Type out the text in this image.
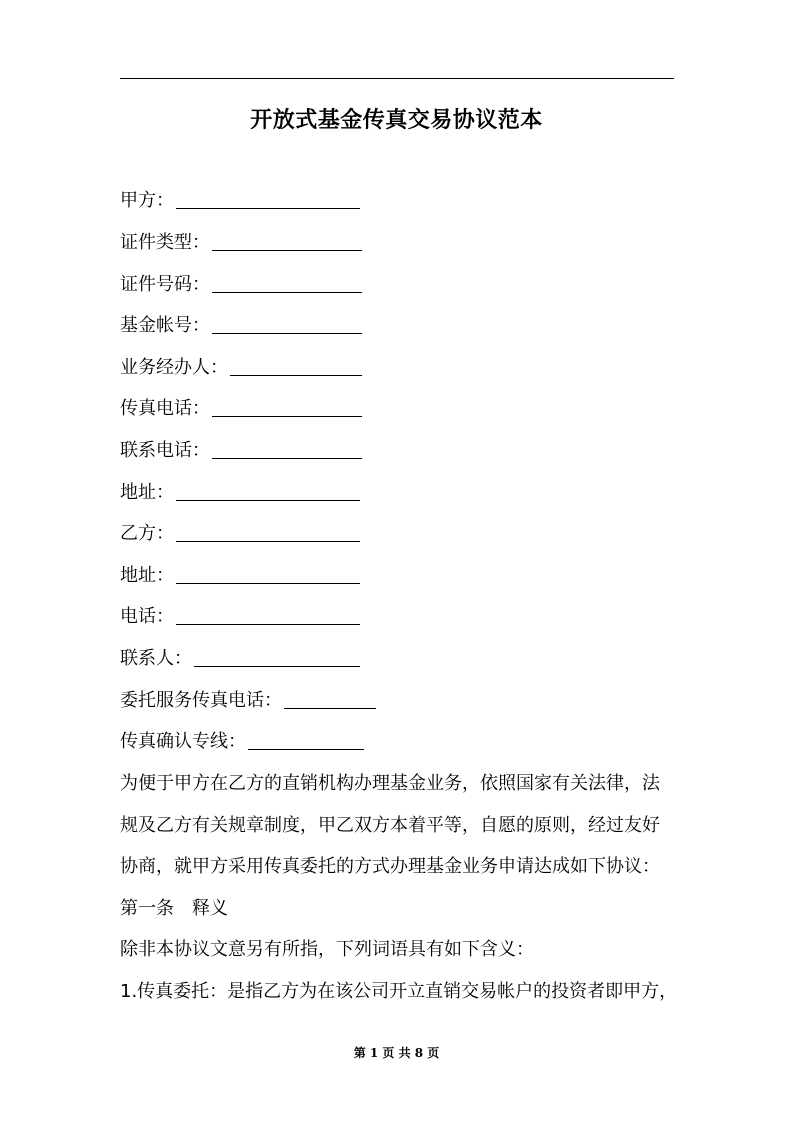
开放式基金传真交易协议范本
甲方：
证件类型：
证件号码：
基金帐号：
业务经办人：
传真电话：
联系电话：
地址：
乙方：
地址：
电话：
联系人：
委托服务传真电话：
传真确认专线：
为便于甲方在乙方的直销机构办理基金业务，依照国家有关法律，法
规及乙方有关规章制度，甲乙双方本着平等，自愿的原则，经过友好
协商，就甲方采用传真委托的方式办理基金业务申请达成如下协议：
第一条　释义
除非本协议文意另有所指，下列词语具有如下含义：
1.传真委托：是指乙方为在该公司开立直销交易帐户的投资者即甲方，
第 1 页 共 8 页
